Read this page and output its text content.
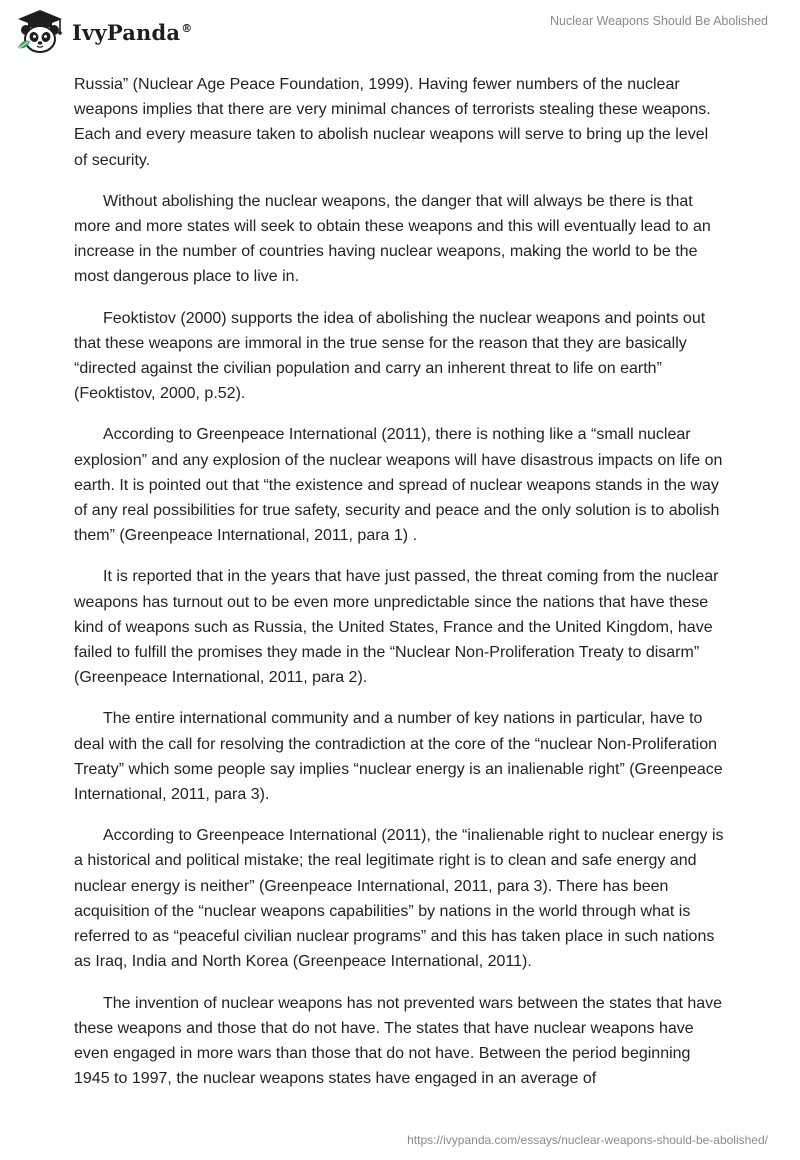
IvyPanda®	Nuclear Weapons Should Be Abolished

Russia” (Nuclear Age Peace Foundation, 1999). Having fewer numbers of the nuclear weapons implies that there are very minimal chances of terrorists stealing these weapons. Each and every measure taken to abolish nuclear weapons will serve to bring up the level of security.

Without abolishing the nuclear weapons, the danger that will always be there is that more and more states will seek to obtain these weapons and this will eventually lead to an increase in the number of countries having nuclear weapons, making the world to be the most dangerous place to live in.

Feoktistov (2000) supports the idea of abolishing the nuclear weapons and points out that these weapons are immoral in the true sense for the reason that they are basically “directed against the civilian population and carry an inherent threat to life on earth” (Feoktistov, 2000, p.52).

According to Greenpeace International (2011), there is nothing like a “small nuclear explosion” and any explosion of the nuclear weapons will have disastrous impacts on life on earth. It is pointed out that “the existence and spread of nuclear weapons stands in the way of any real possibilities for true safety, security and peace and the only solution is to abolish them” (Greenpeace International, 2011, para 1) .

It is reported that in the years that have just passed, the threat coming from the nuclear weapons has turnout out to be even more unpredictable since the nations that have these kind of weapons such as Russia, the United States, France and the United Kingdom, have failed to fulfill the promises they made in the “Nuclear Non-Proliferation Treaty to disarm” (Greenpeace International, 2011, para 2).

The entire international community and a number of key nations in particular, have to deal with the call for resolving the contradiction at the core of the “nuclear Non-Proliferation Treaty” which some people say implies “nuclear energy is an inalienable right” (Greenpeace International, 2011, para 3).

According to Greenpeace International (2011), the “inalienable right to nuclear energy is a historical and political mistake; the real legitimate right is to clean and safe energy and nuclear energy is neither” (Greenpeace International, 2011, para 3). There has been acquisition of the “nuclear weapons capabilities” by nations in the world through what is referred to as “peaceful civilian nuclear programs” and this has taken place in such nations as Iraq, India and North Korea (Greenpeace International, 2011).

The invention of nuclear weapons has not prevented wars between the states that have these weapons and those that do not have. The states that have nuclear weapons have even engaged in more wars than those that do not have. Between the period beginning 1945 to 1997, the nuclear weapons states have engaged in an average of

https://ivypanda.com/essays/nuclear-weapons-should-be-abolished/
